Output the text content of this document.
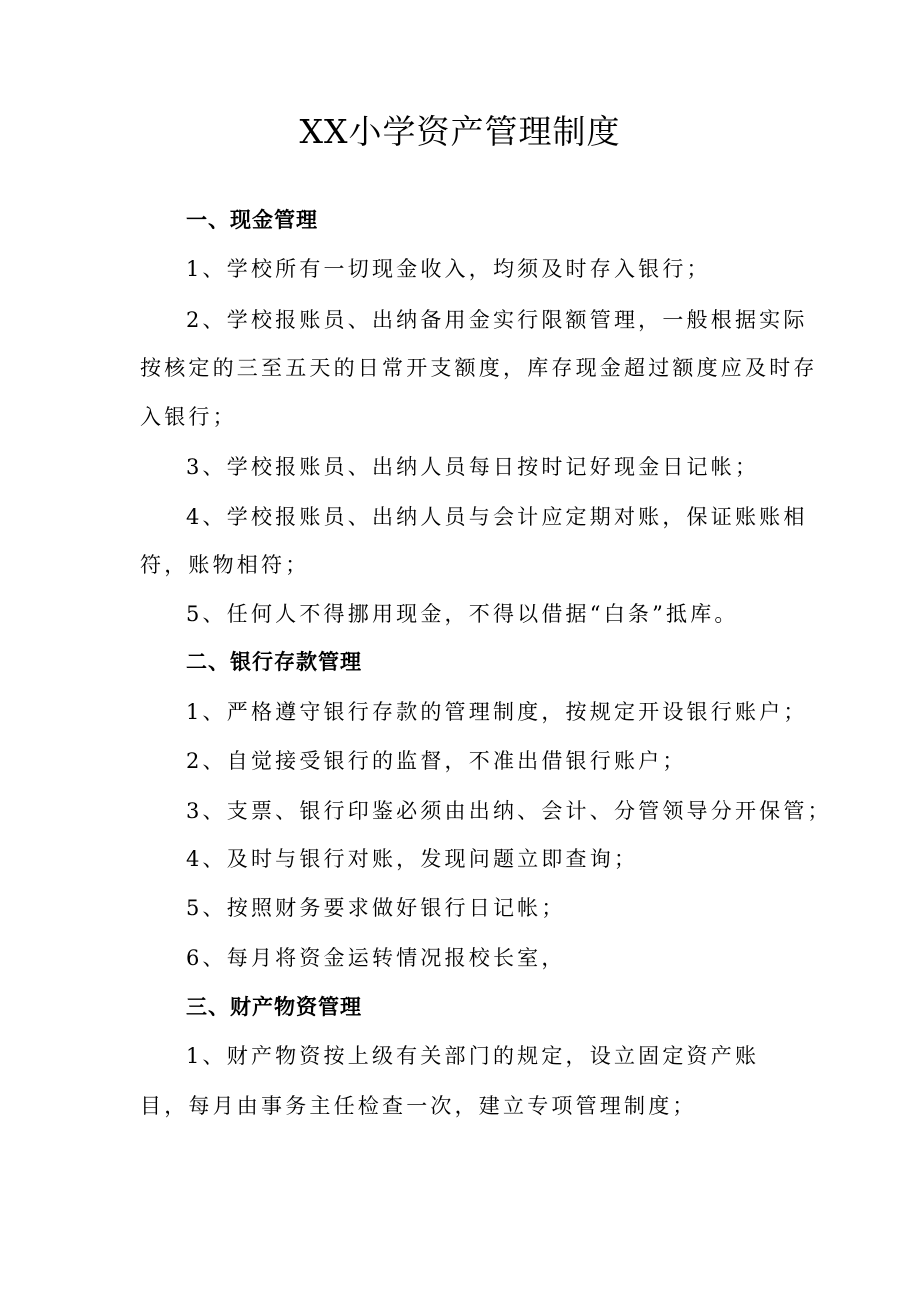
XX小学资产管理制度
一、现金管理
1、学校所有一切现金收入，均须及时存入银行；
2、学校报账员、出纳备用金实行限额管理，一般根据实际
按核定的三至五天的日常开支额度，库存现金超过额度应及时存
入银行；
3、学校报账员、出纳人员每日按时记好现金日记帐；
4、学校报账员、出纳人员与会计应定期对账，保证账账相
符，账物相符；
5、任何人不得挪用现金，不得以借据“白条”抵库。
二、银行存款管理
1、严格遵守银行存款的管理制度，按规定开设银行账户；
2、自觉接受银行的监督，不准出借银行账户；
3、支票、银行印鉴必须由出纳、会计、分管领导分开保管；
4、及时与银行对账，发现问题立即查询；
5、按照财务要求做好银行日记帐；
6、每月将资金运转情况报校长室，
三、财产物资管理
1、财产物资按上级有关部门的规定，设立固定资产账
目，每月由事务主任检查一次，建立专项管理制度；
